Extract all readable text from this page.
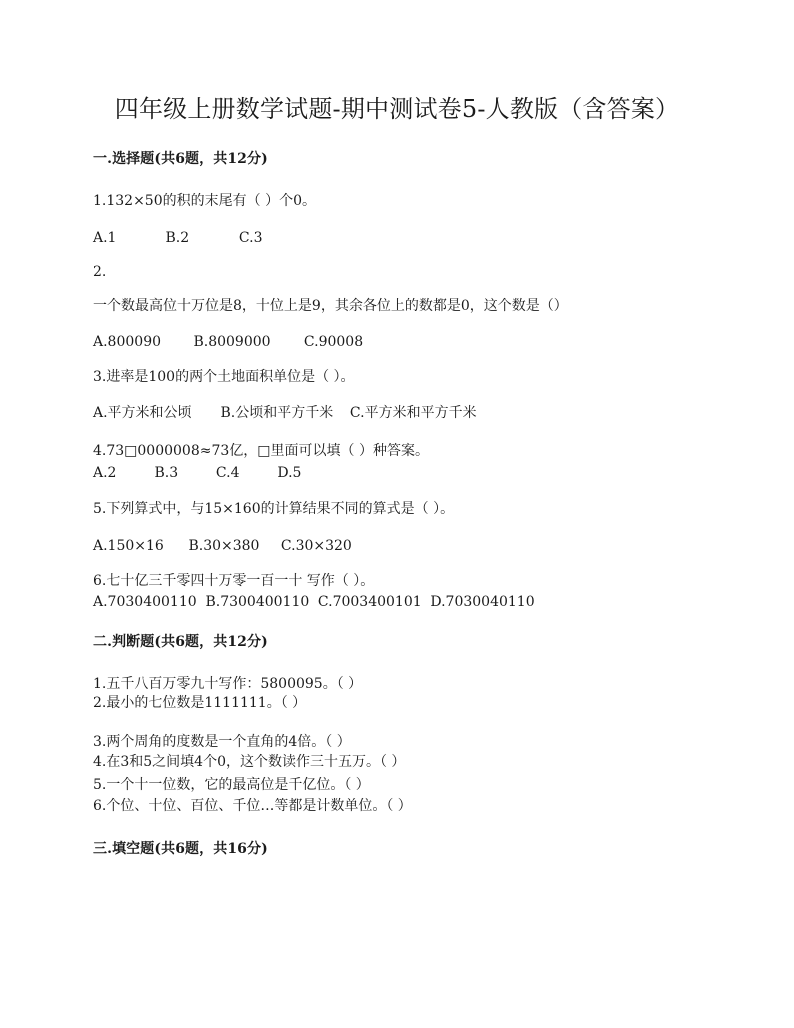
四年级上册数学试题-期中测试卷5-人教版（含答案）
一.选择题(共6题，共12分)
1.132×50的积的末尾有（ ）个0。
A.1	B.2	C.3
2.
一个数最高位十万位是8，十位上是9，其余各位上的数都是0，这个数是（）
A.800090 B.8009000 C.90008
3.进率是100的两个土地面积单位是（ ）。
A.平方米和公顷 B.公顷和平方千米 C.平方米和平方千米
4.73□0000008≈73亿，□里面可以填（ ）种答案。
A.2	B.3	C.4	D.5
5.下列算式中，与15×160的计算结果不同的算式是（ ）。
A.150×16 B.30×380 C.30×320
6.七十亿三千零四十万零一百一十 写作（ ）。
A.7030400110 B.7300400110 C.7003400101 D.7030040110
二.判断题(共6题，共12分)
1.五千八百万零九十写作：5800095。（ ）
2.最小的七位数是1111111。（ ）
3.两个周角的度数是一个直角的4倍。（ ）
4.在3和5之间填4个0，这个数读作三十五万。（ ）
5.一个十一位数，它的最高位是千亿位。（ ）
6.个位、十位、百位、千位…等都是计数单位。（ ）
三.填空题(共6题，共16分)
